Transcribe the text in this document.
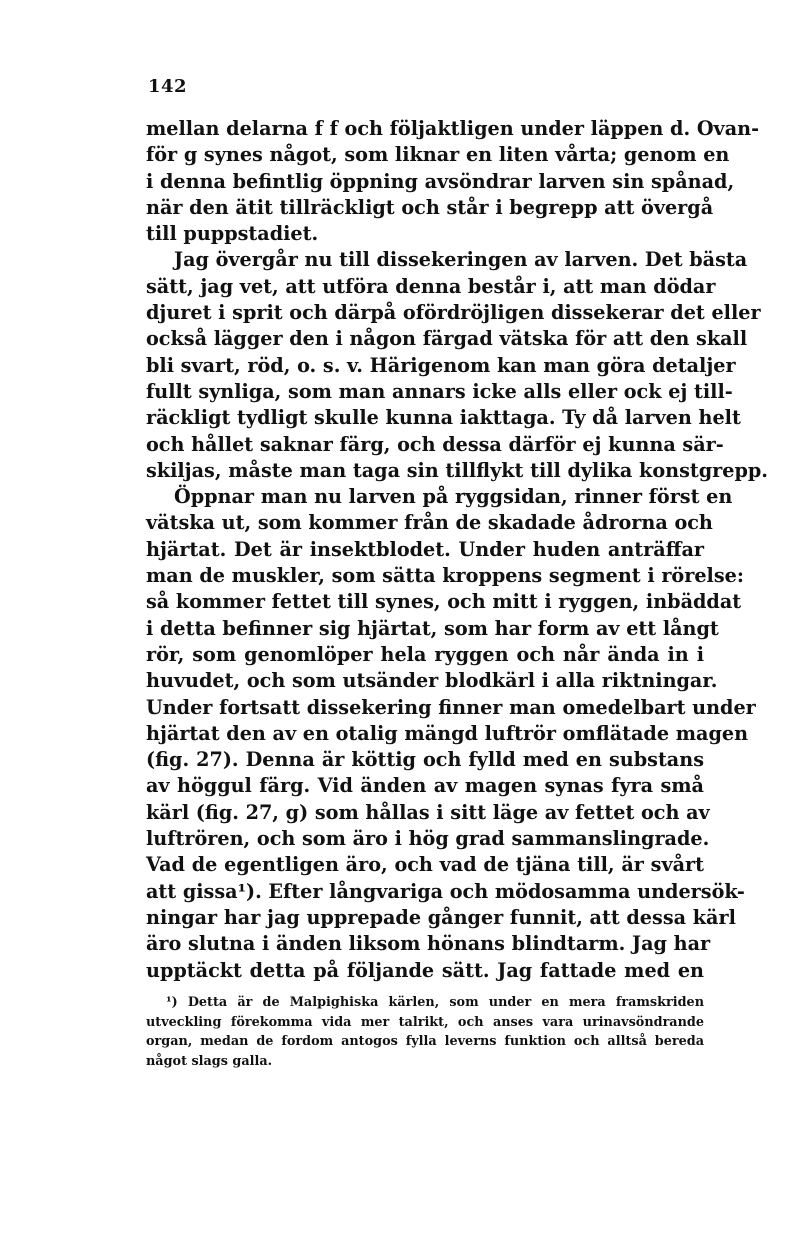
142
mellan delarna f f och följaktligen under läppen d. Ovan-
för g synes något, som liknar en liten vårta; genom en
i denna befintlig öppning avsöndrar larven sin spånad,
när den ätit tillräckligt och står i begrepp att övergå
till puppstadiet.
Jag övergår nu till dissekeringen av larven. Det bästa
sätt, jag vet, att utföra denna består i, att man dödar
djuret i sprit och därpå ofördröjligen dissekerar det eller
också lägger den i någon färgad vätska för att den skall
bli svart, röd, o. s. v. Härigenom kan man göra detaljer
fullt synliga, som man annars icke alls eller ock ej till-
räckligt tydligt skulle kunna iakttaga. Ty då larven helt
och hållet saknar färg, och dessa därför ej kunna sär-
skiljas, måste man taga sin tillflykt till dylika konstgrepp.
Öppnar man nu larven på ryggsidan, rinner först en
vätska ut, som kommer från de skadade ådrorna och
hjärtat. Det är insektblodet. Under huden anträffar
man de muskler, som sätta kroppens segment i rörelse:
så kommer fettet till synes, och mitt i ryggen, inbäddat
i detta befinner sig hjärtat, som har form av ett långt
rör, som genomlöper hela ryggen och når ända in i
huvudet, och som utsänder blodkärl i alla riktningar.
Under fortsatt dissekering finner man omedelbart under
hjärtat den av en otalig mängd luftrör omflätade magen
(fig. 27). Denna är köttig och fylld med en substans
av höggul färg. Vid änden av magen synas fyra små
kärl (fig. 27, g) som hållas i sitt läge av fettet och av
luftrören, och som äro i hög grad sammanslingrade.
Vad de egentligen äro, och vad de tjäna till, är svårt
att gissa¹). Efter långvariga och mödosamma undersök-
ningar har jag upprepade gånger funnit, att dessa kärl
äro slutna i änden liksom hönans blindtarm. Jag har
upptäckt detta på följande sätt. Jag fattade med en
¹) Detta är de Malpighiska kärlen, som under en mera framskriden
utveckling förekomma vida mer talrikt, och anses vara urinavsöndrande
organ, medan de fordom antogos fylla leverns funktion och alltså bereda
något slags galla.
